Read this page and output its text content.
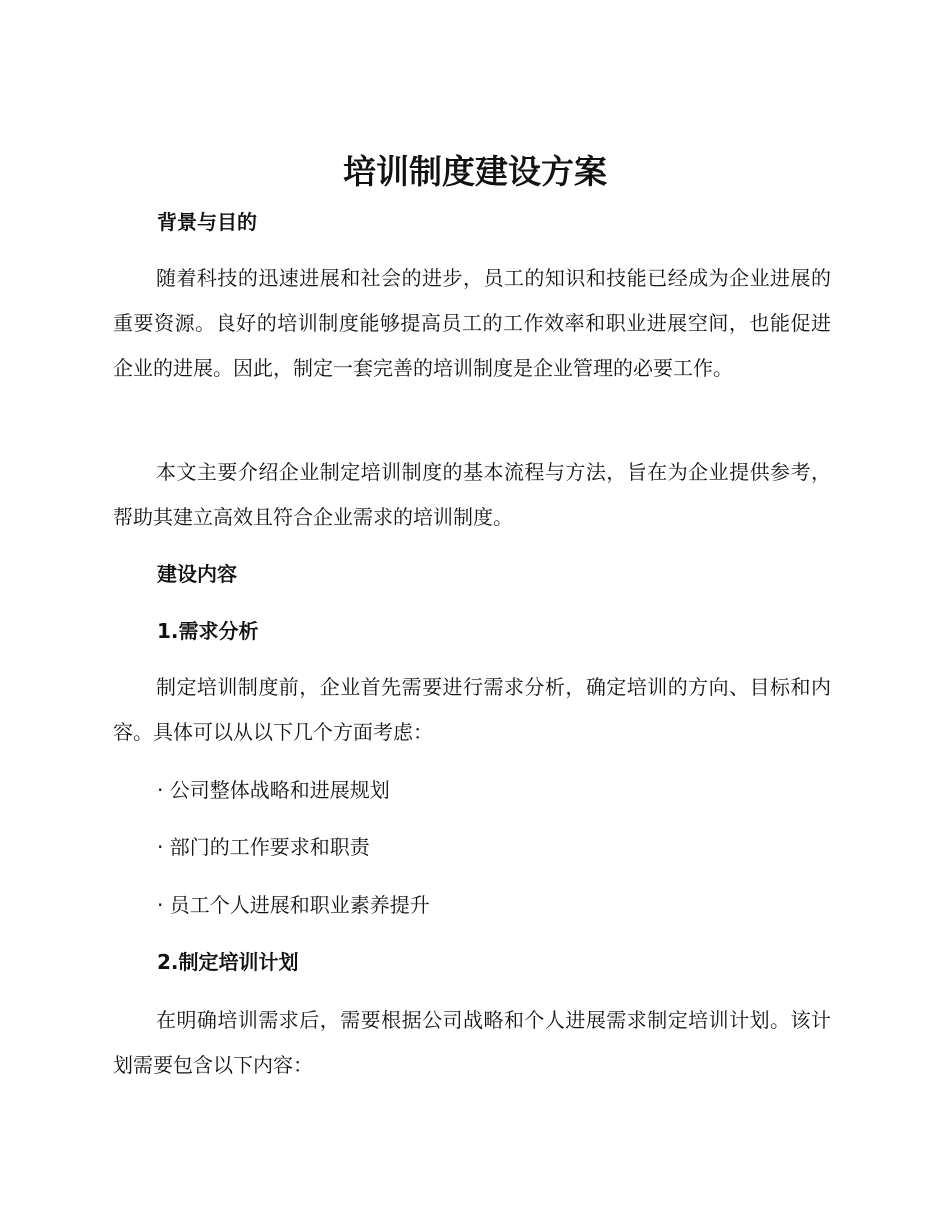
培训制度建设方案
背景与目的

随着科技的迅速进展和社会的进步，员工的知识和技能已经成为企业进展的重要资源。良好的培训制度能够提高员工的工作效率和职业进展空间，也能促进企业的进展。因此，制定一套完善的培训制度是企业管理的必要工作。

本文主要介绍企业制定培训制度的基本流程与方法，旨在为企业提供参考，帮助其建立高效且符合企业需求的培训制度。

建设内容
1.需求分析

制定培训制度前，企业首先需要进行需求分析，确定培训的方向、目标和内容。具体可以从以下几个方面考虑：

· 公司整体战略和进展规划

· 部门的工作要求和职责

· 员工个人进展和职业素养提升

2.制定培训计划

在明确培训需求后，需要根据公司战略和个人进展需求制定培训计划。该计划需要包含以下内容：
